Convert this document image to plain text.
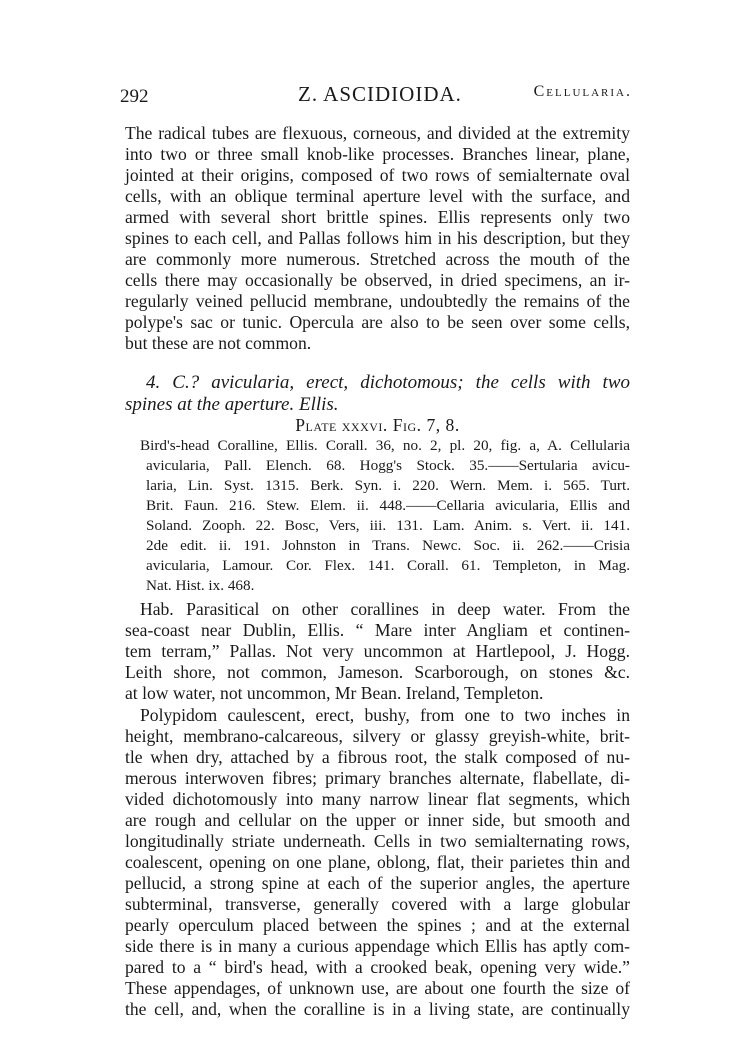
292	Z. ASCIDIOIDA.	Cellularia.
The radical tubes are flexuous, corneous, and divided at the extremity
into two or three small knob-like processes. Branches linear, plane,
jointed at their origins, composed of two rows of semialternate oval
cells, with an oblique terminal aperture level with the surface, and
armed with several short brittle spines. Ellis represents only two
spines to each cell, and Pallas follows him in his description, but they
are commonly more numerous. Stretched across the mouth of the
cells there may occasionally be observed, in dried specimens, an ir-
regularly veined pellucid membrane, undoubtedly the remains of the
polype's sac or tunic. Opercula are also to be seen over some cells,
but these are not common.
4. C.? avicularia, erect, dichotomous; the cells with two
spines at the aperture. Ellis.
Plate xxxvi. Fig. 7, 8.
Bird's-head Coralline, Ellis. Corall. 36, no. 2, pl. 20, fig. a, A. Cellularia
avicularia, Pall. Elench. 68. Hogg's Stock. 35.——Sertularia avicu-
laria, Lin. Syst. 1315. Berk. Syn. i. 220. Wern. Mem. i. 565. Turt.
Brit. Faun. 216. Stew. Elem. ii. 448.——Cellaria avicularia, Ellis and
Soland. Zooph. 22. Bosc, Vers, iii. 131. Lam. Anim. s. Vert. ii. 141.
2de edit. ii. 191. Johnston in Trans. Newc. Soc. ii. 262.——Crisia
avicularia, Lamour. Cor. Flex. 141. Corall. 61. Templeton, in Mag.
Nat. Hist. ix. 468.
Hab. Parasitical on other corallines in deep water. From the
sea-coast near Dublin, Ellis. “ Mare inter Angliam et continen-
tem terram,” Pallas. Not very uncommon at Hartlepool, J. Hogg.
Leith shore, not common, Jameson. Scarborough, on stones &c.
at low water, not uncommon, Mr Bean. Ireland, Templeton.
Polypidom caulescent, erect, bushy, from one to two inches in
height, membrano-calcareous, silvery or glassy greyish-white, brit-
tle when dry, attached by a fibrous root, the stalk composed of nu-
merous interwoven fibres; primary branches alternate, flabellate, di-
vided dichotomously into many narrow linear flat segments, which
are rough and cellular on the upper or inner side, but smooth and
longitudinally striate underneath. Cells in two semialternating rows,
coalescent, opening on one plane, oblong, flat, their parietes thin and
pellucid, a strong spine at each of the superior angles, the aperture
subterminal, transverse, generally covered with a large globular
pearly operculum placed between the spines ; and at the external
side there is in many a curious appendage which Ellis has aptly com-
pared to a “ bird's head, with a crooked beak, opening very wide.”
These appendages, of unknown use, are about one fourth the size of
the cell, and, when the coralline is in a living state, are continually
